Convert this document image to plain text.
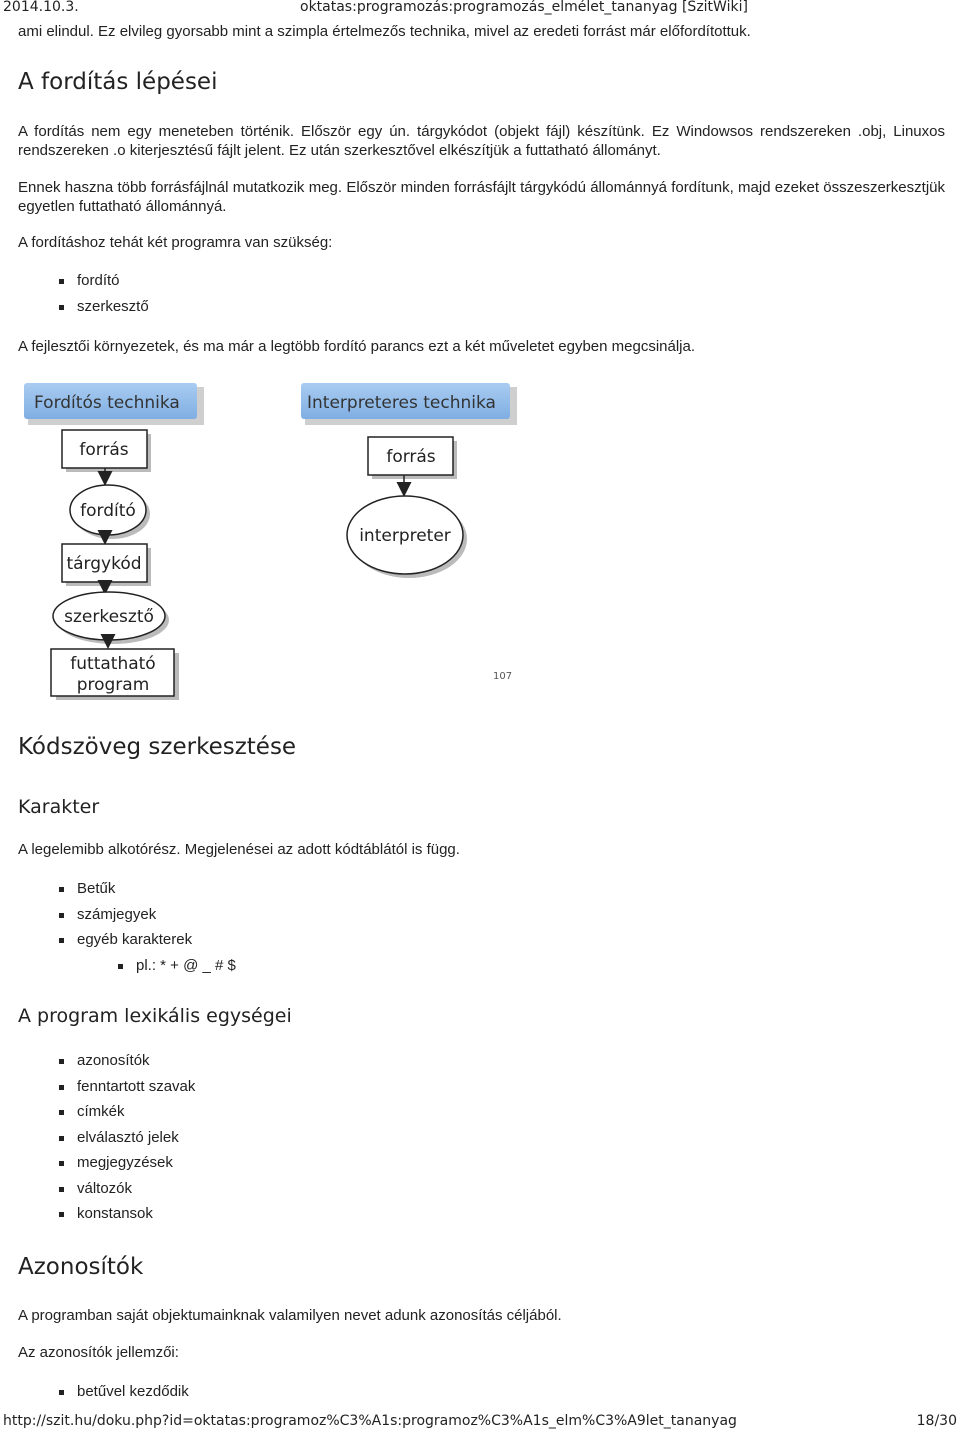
2014.10.3.	oktatas:programozás:programozás_elmélet_tananyag [SzitWiki]
ami elindul. Ez elvileg gyorsabb mint a szimpla értelmezős technika, mivel az eredeti forrást már előfordítottuk.
A fordítás lépései
A fordítás nem egy meneteben történik. Először egy ún. tárgykódot (objekt fájl) készítünk. Ez Windowsos rendszereken .obj, Linuxos rendszereken .o kiterjesztésű fájlt jelent. Ez után szerkesztővel elkészítjük a futtatható állományt.
Ennek haszna több forrásfájlnál mutatkozik meg. Először minden forrásfájlt tárgykódú állománnyá fordítunk, majd ezeket összeszerkesztjük egyetlen futtatható állománnyá.
A fordításhoz tehát két programra van szükség:
fordító
szerkesztő
A fejlesztői környezetek, és ma már a legtöbb fordító parancs ezt a két műveletet egyben megcsinálja.
Fordítós technika	Interpreteres technika
forrás
fordító
tárgykód
szerkesztő
futtatható
program
forrás
interpreter
107
Kódszöveg szerkesztése
Karakter
A legelemibb alkotórész. Megjelenései az adott kódtáblától is függ.
Betűk
számjegyek
egyéb karakterek
pl.: * + @ _ # $
A program lexikális egységei
azonosítók
fenntartott szavak
címkék
elválasztó jelek
megjegyzések
változók
konstansok
Azonosítók
A programban saját objektumainknak valamilyen nevet adunk azonosítás céljából.
Az azonosítók jellemzői:
betűvel kezdődik
http://szit.hu/doku.php?id=oktatas:programoz%C3%A1s:programoz%C3%A1s_elm%C3%A9let_tananyag	18/30
